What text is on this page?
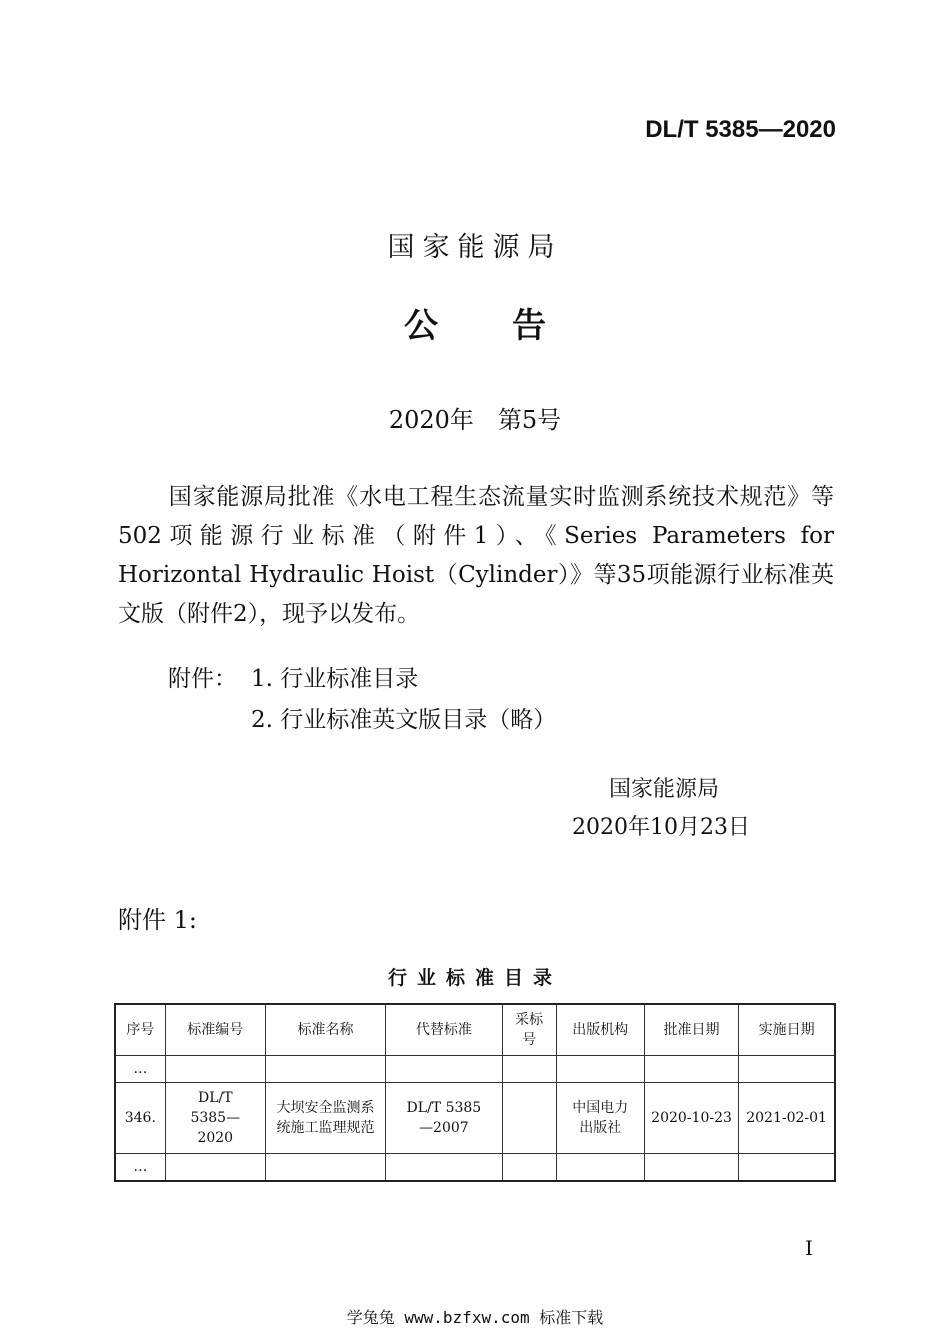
DL/T 5385—2020
国家能源局
公告
2020年　第5号
国家能源局批准《水电工程生态流量实时监测系统技术规范》等502项能源行业标准（附件1）、《Series Parameters for Horizontal Hydraulic Hoist（Cylinder）》等35项能源行业标准英文版（附件2），现予以发布。
附件： 1. 行业标准目录
2. 行业标准英文版目录（略）
国家能源局
2020年10月23日
附件 1:
行业标准目录
序号	标准编号	标准名称	代替标准	采标号	出版机构	批准日期	实施日期
…							
346.	DL/T 5385—2020	大坝安全监测系统施工监理规范	DL/T 5385—2007		中国电力出版社	2020-10-23	2021-02-01
…							
I
学兔兔 www.bzfxw.com 标准下载
